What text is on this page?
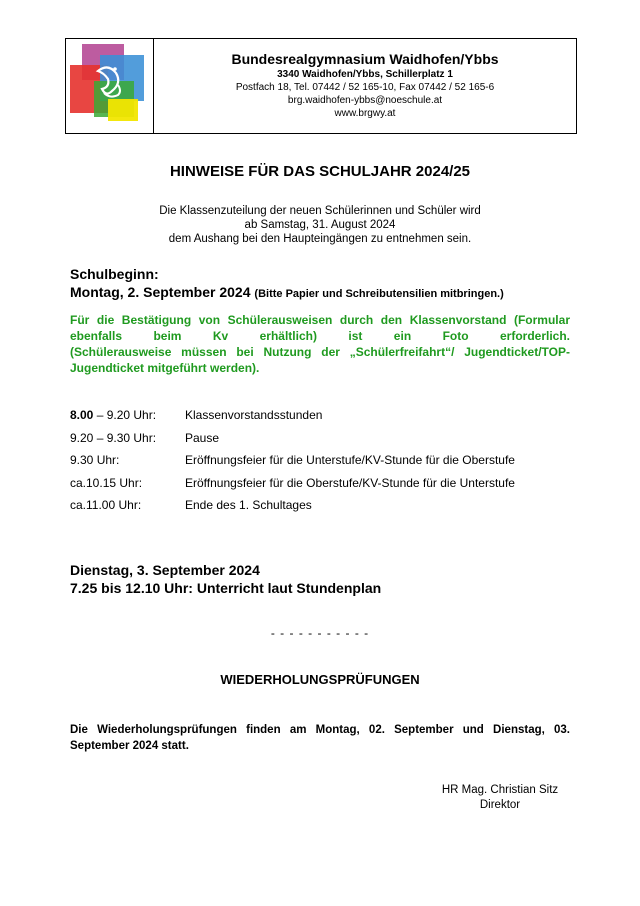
Bundesrealgymnasium Waidhofen/Ybbs
3340 Waidhofen/Ybbs, Schillerplatz 1
Postfach 18, Tel. 07442 / 52 165-10, Fax 07442 / 52 165-6
brg.waidhofen-ybbs@noeschule.at
www.brgwy.at
HINWEISE FÜR DAS SCHULJAHR 2024/25
Die Klassenzuteilung der neuen Schülerinnen und Schüler wird
ab Samstag, 31. August 2024
dem Aushang bei den Haupteingängen zu entnehmen sein.
Schulbeginn:
Montag, 2. September 2024 (Bitte Papier und Schreibutensilien mitbringen.)

Für die Bestätigung von Schülerausweisen durch den Klassenvorstand (Formular ebenfalls beim Kv erhältlich) ist ein Foto erforderlich.

(Schülerausweise müssen bei Nutzung der „Schülerfreifahrt“/ Jugendticket/TOP-Jugendticket mitgeführt werden).

8.00 – 9.20 Uhr:	Klassenvorstandsstunden
9.20 – 9.30 Uhr:	Pause
9.30 Uhr:	Eröffnungsfeier für die Unterstufe/KV-Stunde für die Oberstufe
ca.10.15 Uhr:	Eröffnungsfeier für die Oberstufe/KV-Stunde für die Unterstufe
ca.11.00 Uhr:	Ende des 1. Schultages
Dienstag, 3. September 2024
7.25 bis 12.10 Uhr: Unterricht laut Stundenplan
- - - - - - - - - - -
WIEDERHOLUNGSPRÜFUNGEN
Die Wiederholungsprüfungen finden am Montag, 02. September und Dienstag, 03. September 2024 statt.
HR Mag. Christian Sitz
Direktor
